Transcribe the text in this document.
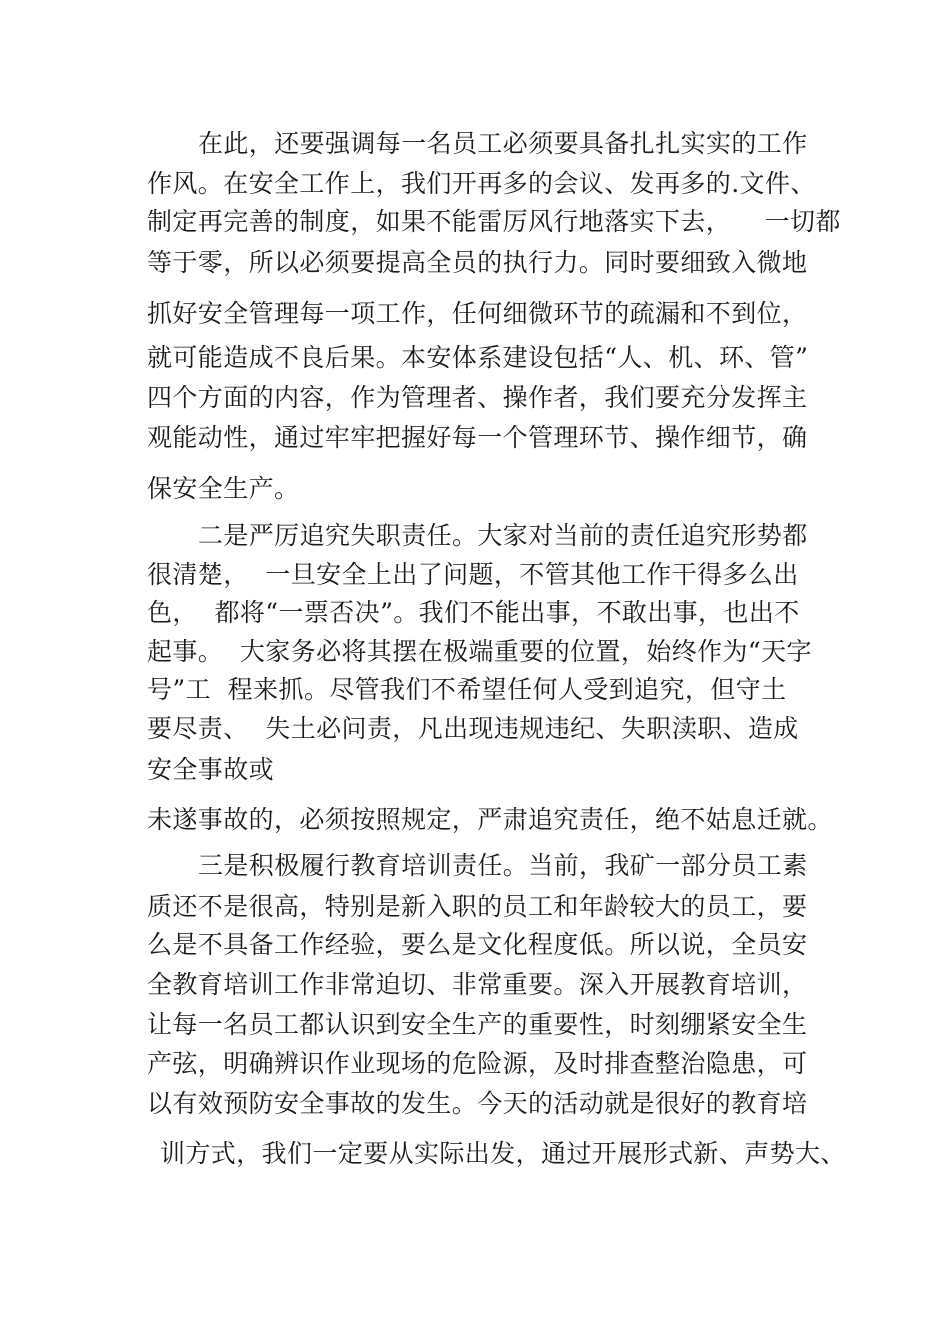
在此，还要强调每一名员工必须要具备扎扎实实的工作
作风。在安全工作上，我们开再多的会议、发再多的.文件、
制定再完善的制度，如果不能雷厉风行地落实下去，    一切都
等于零，所以必须要提高全员的执行力。同时要细致入微地
抓好安全管理每一项工作，任何细微环节的疏漏和不到位，
就可能造成不良后果。本安体系建设包括“人、机、环、管”
四个方面的内容，作为管理者、操作者，我们要充分发挥主
观能动性，通过牢牢把握好每一个管理环节、操作细节，确
保安全生产。
二是严厉追究失职责任。大家对当前的责任追究形势都
很清楚，  一旦安全上出了问题，不管其他工作干得多么出
色，  都将“一票否决”。我们不能出事，不敢出事，也出不
起事。  大家务必将其摆在极端重要的位置，始终作为“天字
号”工  程来抓。尽管我们不希望任何人受到追究，但守土
要尽责、  失土必问责，凡出现违规违纪、失职渎职、造成
安全事故或
未遂事故的，必须按照规定，严肃追究责任，绝不姑息迁就。
三是积极履行教育培训责任。当前，我矿一部分员工素
质还不是很高，特别是新入职的员工和年龄较大的员工，要
么是不具备工作经验，要么是文化程度低。所以说，全员安
全教育培训工作非常迫切、非常重要。深入开展教育培训，
让每一名员工都认识到安全生产的重要性，时刻绷紧安全生
产弦，明确辨识作业现场的危险源，及时排查整治隐患，可
以有效预防安全事故的发生。今天的活动就是很好的教育培
训方式，我们一定要从实际出发，通过开展形式新、声势大、
